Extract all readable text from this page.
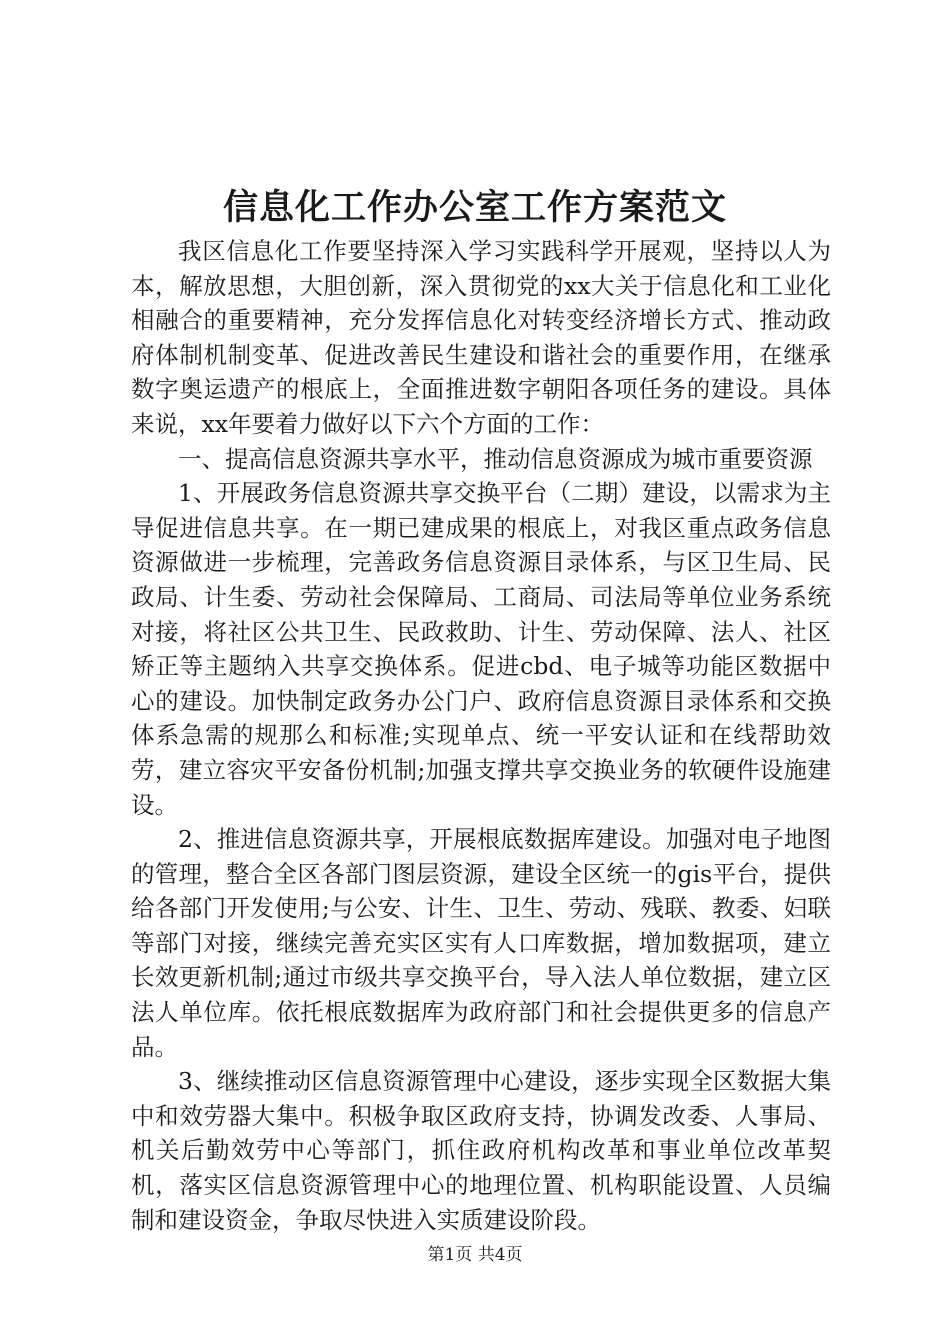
信息化工作办公室工作方案范文

我区信息化工作要坚持深入学习实践科学开展观，坚持以人为本，解放思想，大胆创新，深入贯彻党的xx大关于信息化和工业化相融合的重要精神，充分发挥信息化对转变经济增长方式、推动政府体制机制变革、促进改善民生建设和谐社会的重要作用，在继承数字奥运遗产的根底上，全面推进数字朝阳各项任务的建设。具体来说，xx年要着力做好以下六个方面的工作：

一、提高信息资源共享水平，推动信息资源成为城市重要资源

1、开展政务信息资源共享交换平台（二期）建设，以需求为主导促进信息共享。在一期已建成果的根底上，对我区重点政务信息资源做进一步梳理，完善政务信息资源目录体系，与区卫生局、民政局、计生委、劳动社会保障局、工商局、司法局等单位业务系统对接，将社区公共卫生、民政救助、计生、劳动保障、法人、社区矫正等主题纳入共享交换体系。促进cbd、电子城等功能区数据中心的建设。加快制定政务办公门户、政府信息资源目录体系和交换体系急需的规那么和标准;实现单点、统一平安认证和在线帮助效劳，建立容灾平安备份机制;加强支撑共享交换业务的软硬件设施建设。

2、推进信息资源共享，开展根底数据库建设。加强对电子地图的管理，整合全区各部门图层资源，建设全区统一的gis平台，提供给各部门开发使用;与公安、计生、卫生、劳动、残联、教委、妇联等部门对接，继续完善充实区实有人口库数据，增加数据项，建立长效更新机制;通过市级共享交换平台，导入法人单位数据，建立区法人单位库。依托根底数据库为政府部门和社会提供更多的信息产品。

3、继续推动区信息资源管理中心建设，逐步实现全区数据大集中和效劳器大集中。积极争取区政府支持，协调发改委、人事局、机关后勤效劳中心等部门，抓住政府机构改革和事业单位改革契机，落实区信息资源管理中心的地理位置、机构职能设置、人员编制和建设资金，争取尽快进入实质建设阶段。

第1页 共4页
